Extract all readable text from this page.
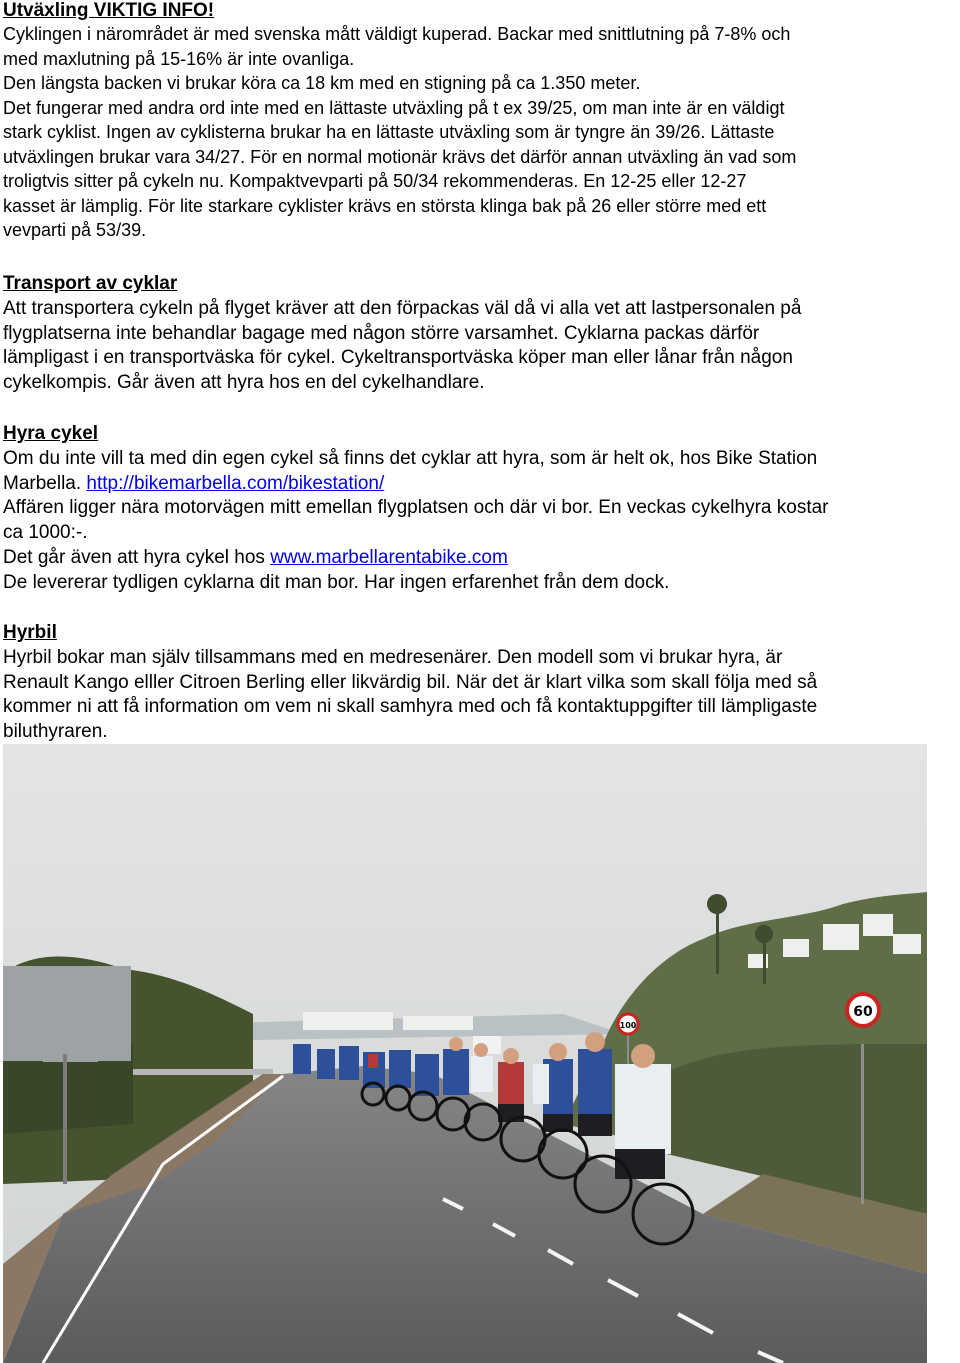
Utväxling VIKTIG INFO!
Cyklingen i närområdet är med svenska mått väldigt kuperad. Backar med snittlutning på 7-8% och
med maxlutning på 15-16% är inte ovanliga.
Den längsta backen vi brukar köra ca 18 km med en stigning på ca 1.350 meter.
Det fungerar med andra ord inte med en lättaste utväxling på t ex 39/25, om man inte är en väldigt
stark cyklist. Ingen av cyklisterna brukar ha en lättaste utväxling som är tyngre än 39/26. Lättaste
utväxlingen brukar vara 34/27. För en normal motionär krävs det därför annan utväxling än vad som
troligtvis sitter på cykeln nu. Kompaktvevparti på 50/34 rekommenderas. En 12-25 eller 12-27
kasset är lämplig. För lite starkare cyklister krävs en största klinga bak på 26 eller större med ett
vevparti på 53/39.
Transport av cyklar
Att transportera cykeln på flyget kräver att den förpackas väl då vi alla vet att lastpersonalen på
flygplatserna inte behandlar bagage med någon större varsamhet. Cyklarna packas därför
lämpligast i en transportväska för cykel. Cykeltransportväska köper man eller lånar från någon
cykelkompis. Går även att hyra hos en del cykelhandlare.
Hyra cykel
Om du inte vill ta med din egen cykel så finns det cyklar att hyra, som är helt ok, hos Bike Station
Marbella. http://bikemarbella.com/bikestation/
Affären ligger nära motorvägen mitt emellan flygplatsen och där vi bor. En veckas cykelhyra kostar
ca 1000:-.
Det går även att hyra cykel hos www.marbellarentabike.com
De levererar tydligen cyklarna dit man bor. Har ingen erfarenhet från dem dock.
Hyrbil
Hyrbil bokar man själv tillsammans med en medresenärer. Den modell som vi brukar hyra, är
Renault Kango elller Citroen Berling eller likvärdig bil. När det är klart vilka som skall följa med så
kommer ni att få information om vem ni skall samhyra med och få kontaktuppgifter till lämpligaste
biluthyraren.
60
100
